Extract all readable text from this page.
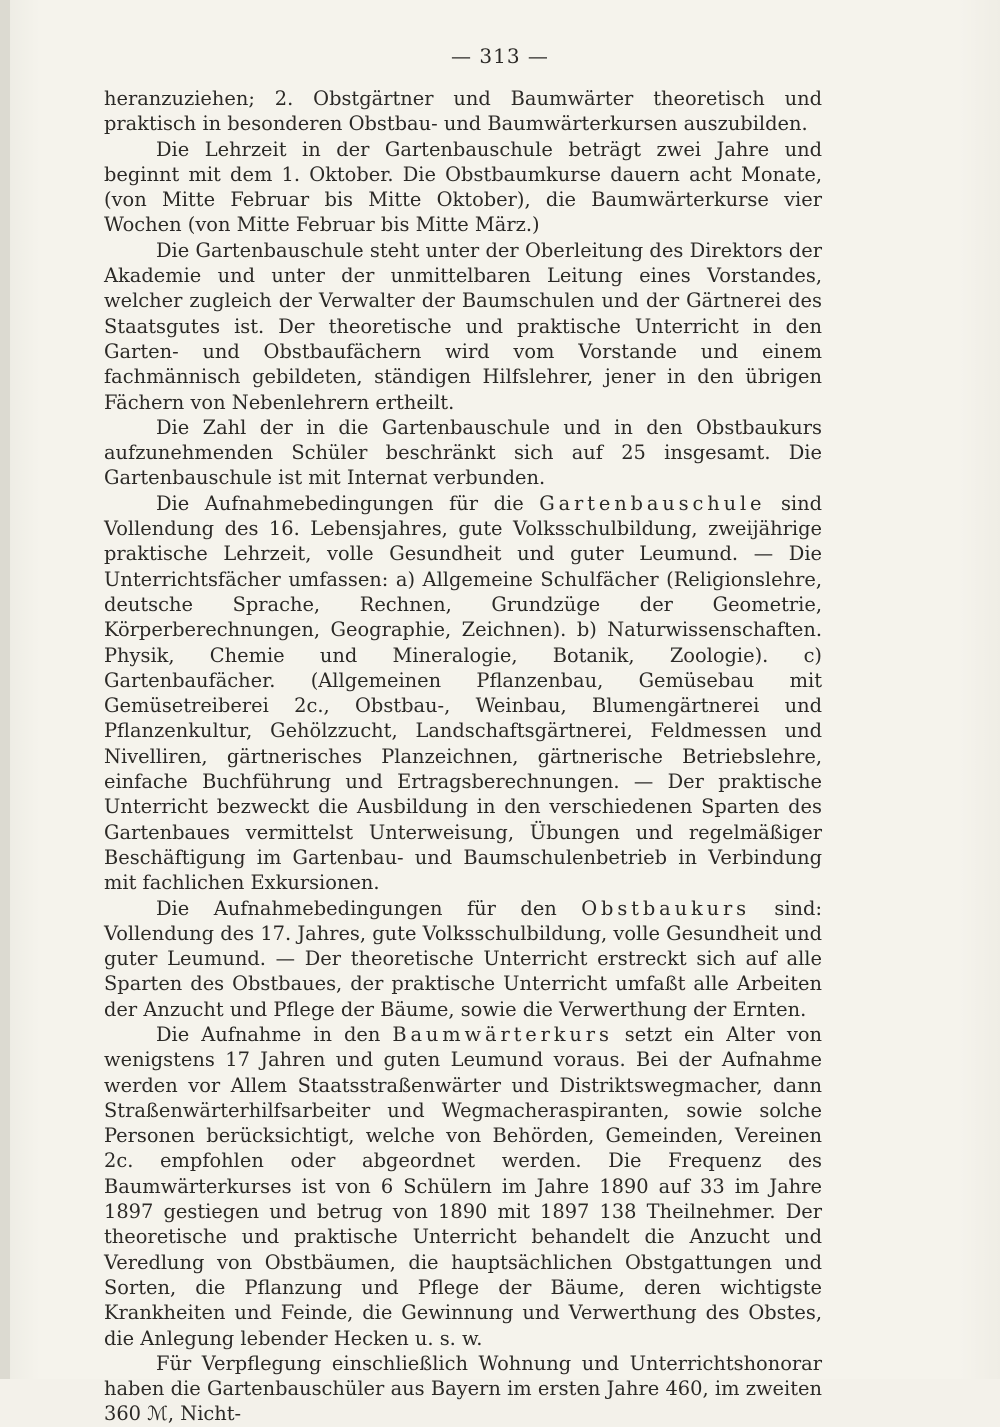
— 313 —

heranzuziehen; 2. Obstgärtner und Baumwärter theoretisch und praktisch in besonderen Obstbau- und Baumwärterkursen auszubilden.

Die Lehrzeit in der Gartenbauschule beträgt zwei Jahre und beginnt mit dem 1. Oktober. Die Obstbaumkurse dauern acht Monate, (von Mitte Februar bis Mitte Oktober), die Baumwärterkurse vier Wochen (von Mitte Februar bis Mitte März.)

Die Gartenbauschule steht unter der Oberleitung des Direktors der Akademie und unter der unmittelbaren Leitung eines Vorstandes, welcher zugleich der Verwalter der Baumschulen und der Gärtnerei des Staatsgutes ist. Der theoretische und praktische Unterricht in den Garten- und Obstbaufächern wird vom Vorstande und einem fachmännisch gebildeten, ständigen Hilfslehrer, jener in den übrigen Fächern von Nebenlehrern ertheilt.

Die Zahl der in die Gartenbauschule und in den Obstbaukurs aufzunehmenden Schüler beschränkt sich auf 25 insgesamt. Die Gartenbauschule ist mit Internat verbunden.

Die Aufnahmebedingungen für die Gartenbauschule sind Vollendung des 16. Lebensjahres, gute Volksschulbildung, zweijährige praktische Lehrzeit, volle Gesundheit und guter Leumund. — Die Unterrichtsfächer umfassen: a) Allgemeine Schulfächer (Religionslehre, deutsche Sprache, Rechnen, Grundzüge der Geometrie, Körperberechnungen, Geographie, Zeichnen). b) Naturwissenschaften. Physik, Chemie und Mineralogie, Botanik, Zoologie). c) Gartenbaufächer. (Allgemeinen Pflanzenbau, Gemüsebau mit Gemüsetreiberei 2c., Obstbau-, Weinbau, Blumengärtnerei und Pflanzenkultur, Gehölzzucht, Landschaftsgärtnerei, Feldmessen und Nivelliren, gärtnerisches Planzeichnen, gärtnerische Betriebslehre, einfache Buchführung und Ertragsberechnungen. — Der praktische Unterricht bezweckt die Ausbildung in den verschiedenen Sparten des Gartenbaues vermittelst Unterweisung, Übungen und regelmäßiger Beschäftigung im Gartenbau- und Baumschulenbetrieb in Verbindung mit fachlichen Exkursionen.

Die Aufnahmebedingungen für den Obstbaukurs sind: Vollendung des 17. Jahres, gute Volksschulbildung, volle Gesundheit und guter Leumund. — Der theoretische Unterricht erstreckt sich auf alle Sparten des Obstbaues, der praktische Unterricht umfaßt alle Arbeiten der Anzucht und Pflege der Bäume, sowie die Verwerthung der Ernten.

Die Aufnahme in den Baumwärterkurs setzt ein Alter von wenigstens 17 Jahren und guten Leumund voraus. Bei der Aufnahme werden vor Allem Staatsstraßenwärter und Distriktswegmacher, dann Straßenwärterhilfsarbeiter und Wegmacheraspiranten, sowie solche Personen berücksichtigt, welche von Behörden, Gemeinden, Vereinen 2c. empfohlen oder abgeordnet werden. Die Frequenz des Baumwärterkurses ist von 6 Schülern im Jahre 1890 auf 33 im Jahre 1897 gestiegen und betrug von 1890 mit 1897 138 Theilnehmer. Der theoretische und praktische Unterricht behandelt die Anzucht und Veredlung von Obstbäumen, die hauptsächlichen Obstgattungen und Sorten, die Pflanzung und Pflege der Bäume, deren wichtigste Krankheiten und Feinde, die Gewinnung und Verwerthung des Obstes, die Anlegung lebender Hecken u. s. w.

Für Verpflegung einschließlich Wohnung und Unterrichtshonorar haben die Gartenbauschüler aus Bayern im ersten Jahre 460, im zweiten 360 ℳ, Nicht-
